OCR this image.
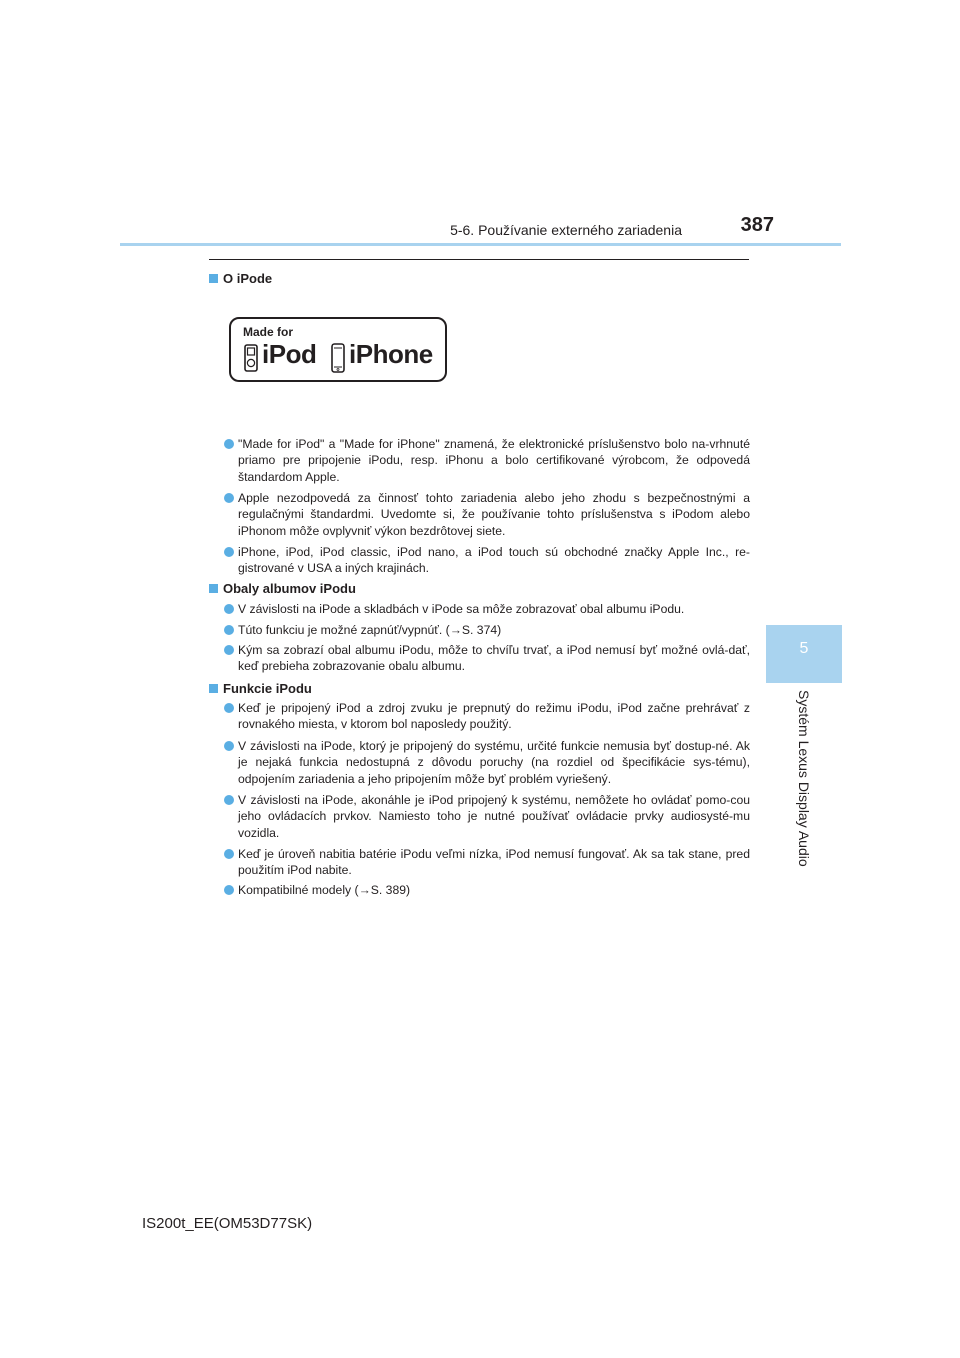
5-6. Používanie externého zariadenia	387
5
Systém Lexus Display Audio
O iPode
Made for
iPod iPhone
"Made for iPod" a "Made for iPhone" znamená, že elektronické príslušenstvo bolo na-vrhnuté priamo pre pripojenie iPodu, resp. iPhonu a bolo certifikované výrobcom, že odpovedá štandardom Apple.
Apple nezodpovedá za činnosť tohto zariadenia alebo jeho zhodu s bezpečnostnými a regulačnými štandardmi. Uvedomte si, že používanie tohto príslušenstva s iPodom alebo iPhonom môže ovplyvniť výkon bezdrôtovej siete.
iPhone, iPod, iPod classic, iPod nano, a iPod touch sú obchodné značky Apple Inc., re-gistrované v USA a iných krajinách.
Obaly albumov iPodu
V závislosti na iPode a skladbách v iPode sa môže zobrazovať obal albumu iPodu.
Túto funkciu je možné zapnúť/vypnúť. (→S. 374)
Kým sa zobrazí obal albumu iPodu, môže to chvíľu trvať, a iPod nemusí byť možné ovlá-dať, keď prebieha zobrazovanie obalu albumu.
Funkcie iPodu
Keď je pripojený iPod a zdroj zvuku je prepnutý do režimu iPodu, iPod začne prehrávať z rovnakého miesta, v ktorom bol naposledy použitý.
V závislosti na iPode, ktorý je pripojený do systému, určité funkcie nemusia byť dostup-né. Ak je nejaká funkcia nedostupná z dôvodu poruchy (na rozdiel od špecifikácie sys-tému), odpojením zariadenia a jeho pripojením môže byť problém vyriešený.
V závislosti na iPode, akonáhle je iPod pripojený k systému, nemôžete ho ovládať pomo-cou jeho ovládacích prvkov. Namiesto toho je nutné používať ovládacie prvky audiosysté-mu vozidla.
Keď je úroveň nabitia batérie iPodu veľmi nízka, iPod nemusí fungovať. Ak sa tak stane, pred použitím iPod nabite.
Kompatibilné modely (→S. 389)
IS200t_EE(OM53D77SK)
